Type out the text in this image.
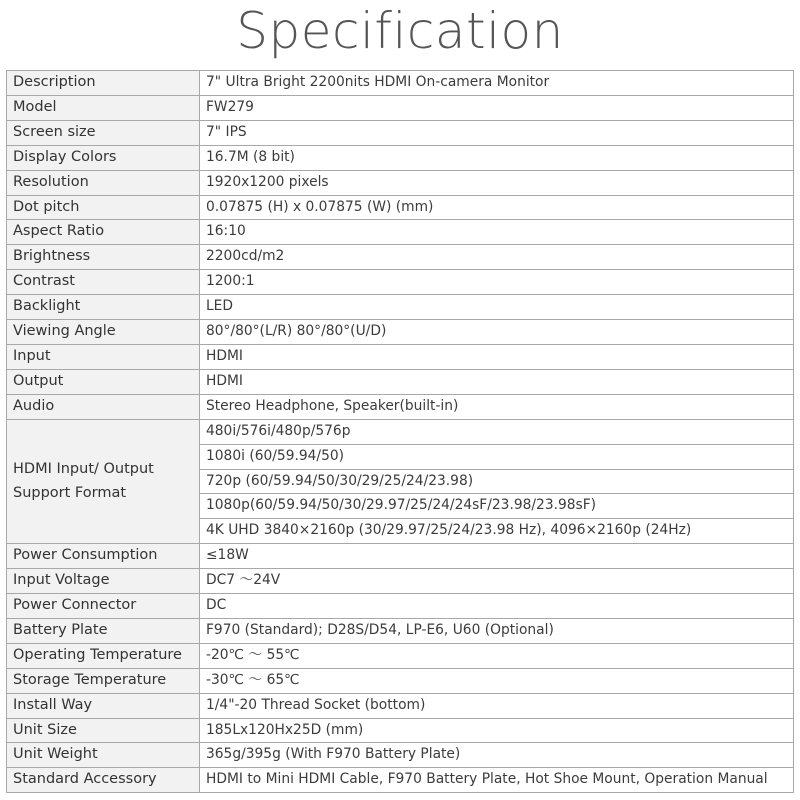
Specification
Description	7" Ultra Bright 2200nits HDMI On-camera Monitor
Model	FW279
Screen size	7" IPS
Display Colors	16.7M (8 bit)
Resolution	1920x1200 pixels
Dot pitch	0.07875 (H) x 0.07875 (W) (mm)
Aspect Ratio	16:10
Brightness	2200cd/m2
Contrast	1200:1
Backlight	LED
Viewing Angle	80°/80°(L/R) 80°/80°(U/D)
Input	HDMI
Output	HDMI
Audio	Stereo Headphone, Speaker(built-in)

HDMI Input/ Output
Support Format	480i/576i/480p/576p
	1080i (60/59.94/50)
	720p (60/59.94/50/30/29/25/24/23.98)
	1080p(60/59.94/50/30/29.97/25/24/24sF/23.98/23.98sF)
	4K UHD 3840×2160p (30/29.97/25/24/23.98 Hz), 4096×2160p (24Hz)
Power Consumption	≤18W
Input Voltage	DC7 ～24V
Power Connector	DC
Battery Plate	F970 (Standard); D28S/D54, LP-E6, U60 (Optional)
Operating Temperature	-20℃ ～ 55℃
Storage Temperature	-30℃ ～ 65℃
Install Way	1/4"-20 Thread Socket (bottom)
Unit Size	185Lx120Hx25D (mm)
Unit Weight	365g/395g (With F970 Battery Plate)
Standard Accessory	HDMI to Mini HDMI Cable, F970 Battery Plate, Hot Shoe Mount, Operation Manual
